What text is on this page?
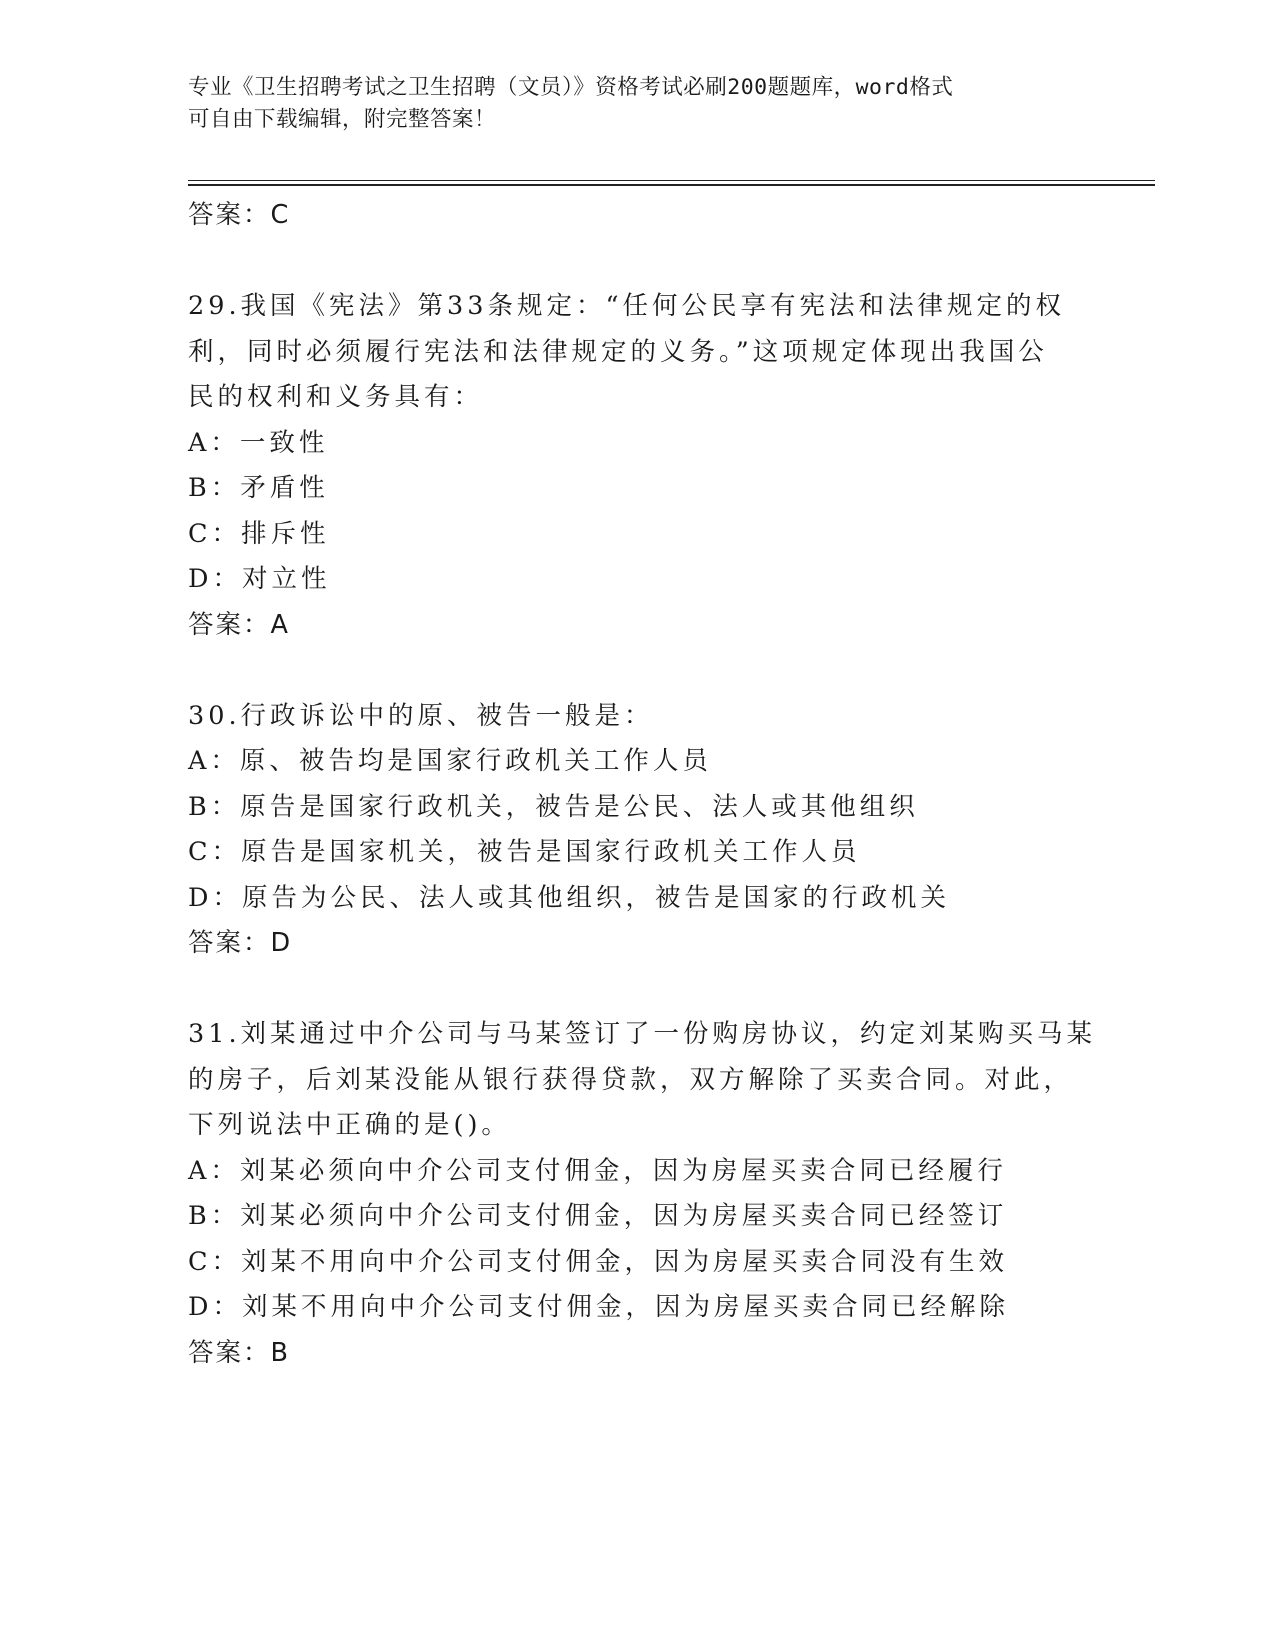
专业《卫生招聘考试之卫生招聘（文员）》资格考试必刷200题题库，word格式
可自由下载编辑，附完整答案！
答案：C
29.我国《宪法》第33条规定：“任何公民享有宪法和法律规定的权
利，同时必须履行宪法和法律规定的义务。”这项规定体现出我国公
民的权利和义务具有：
A：一致性
B：矛盾性
C：排斥性
D：对立性
答案：A
30.行政诉讼中的原、被告一般是：
A：原、被告均是国家行政机关工作人员
B：原告是国家行政机关，被告是公民、法人或其他组织
C：原告是国家机关，被告是国家行政机关工作人员
D：原告为公民、法人或其他组织，被告是国家的行政机关
答案：D
31.刘某通过中介公司与马某签订了一份购房协议，约定刘某购买马某
的房子，后刘某没能从银行获得贷款，双方解除了买卖合同。对此，
下列说法中正确的是()。
A：刘某必须向中介公司支付佣金，因为房屋买卖合同已经履行
B：刘某必须向中介公司支付佣金，因为房屋买卖合同已经签订
C：刘某不用向中介公司支付佣金，因为房屋买卖合同没有生效
D：刘某不用向中介公司支付佣金，因为房屋买卖合同已经解除
答案：B
